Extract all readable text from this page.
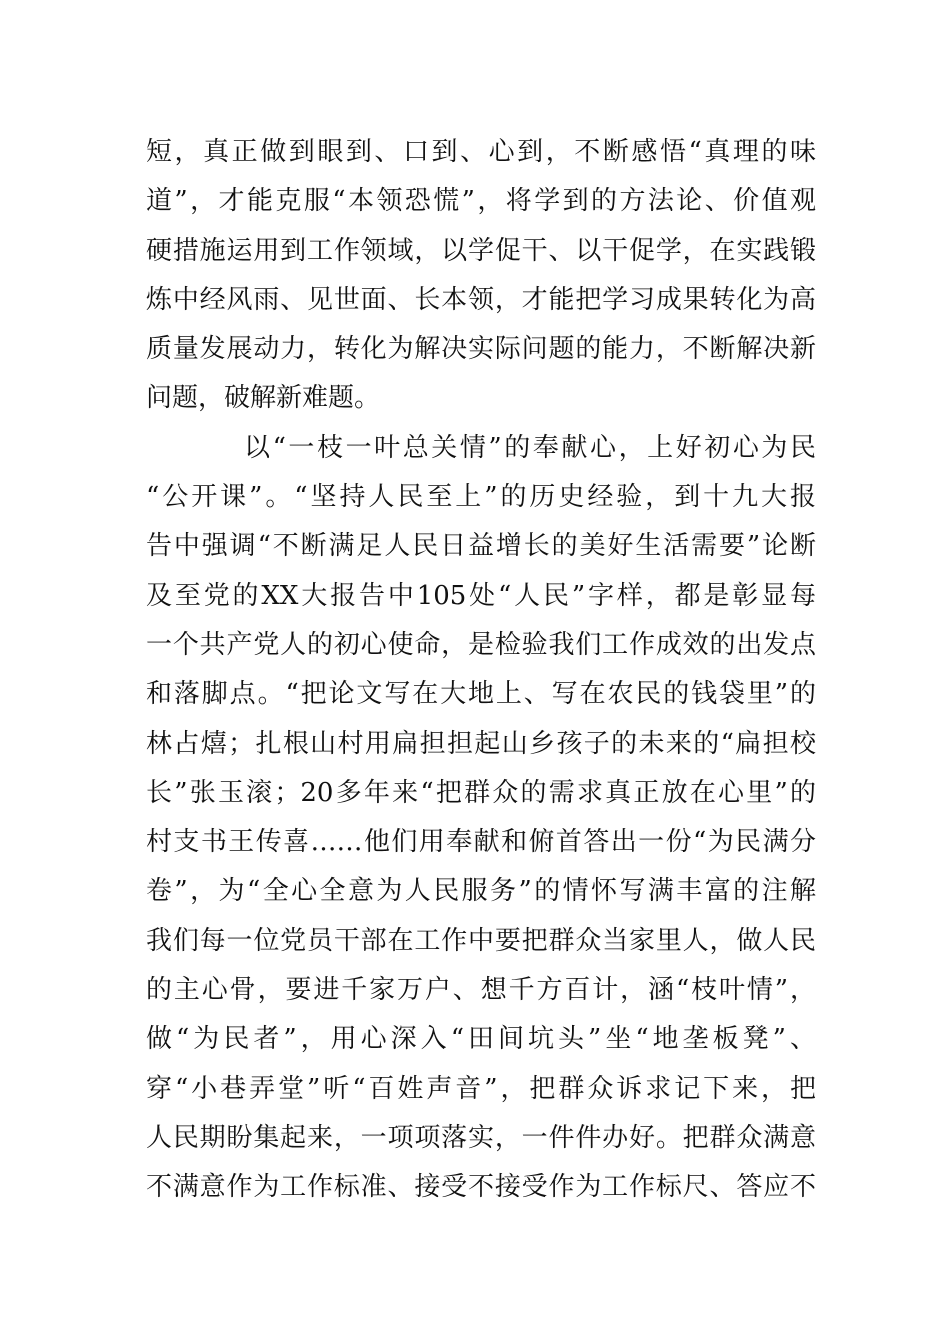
短，真正做到眼到、口到、心到，不断感悟“真理的味
道”，才能克服“本领恐慌”，将学到的方法论、价值观
硬措施运用到工作领域，以学促干、以干促学，在实践锻
炼中经风雨、见世面、长本领，才能把学习成果转化为高
质量发展动力，转化为解决实际问题的能力，不断解决新
问题，破解新难题。
以“一枝一叶总关情”的奉献心，上好初心为民
“公开课”。“坚持人民至上”的历史经验，到十九大报
告中强调“不断满足人民日益增长的美好生活需要”论断
及至党的XX大报告中105处“人民”字样，都是彰显每
一个共产党人的初心使命，是检验我们工作成效的出发点
和落脚点。“把论文写在大地上、写在农民的钱袋里”的
林占熺；扎根山村用扁担担起山乡孩子的未来的“扁担校
长”张玉滚；20多年来“把群众的需求真正放在心里”的
村支书王传喜……他们用奉献和俯首答出一份“为民满分
卷”，为“全心全意为人民服务”的情怀写满丰富的注解
我们每一位党员干部在工作中要把群众当家里人，做人民
的主心骨，要进千家万户、想千方百计，涵“枝叶情”，
做“为民者”，用心深入“田间坑头”坐“地垄板凳”、
穿“小巷弄堂”听“百姓声音”，把群众诉求记下来，把
人民期盼集起来，一项项落实，一件件办好。把群众满意
不满意作为工作标准、接受不接受作为工作标尺、答应不
